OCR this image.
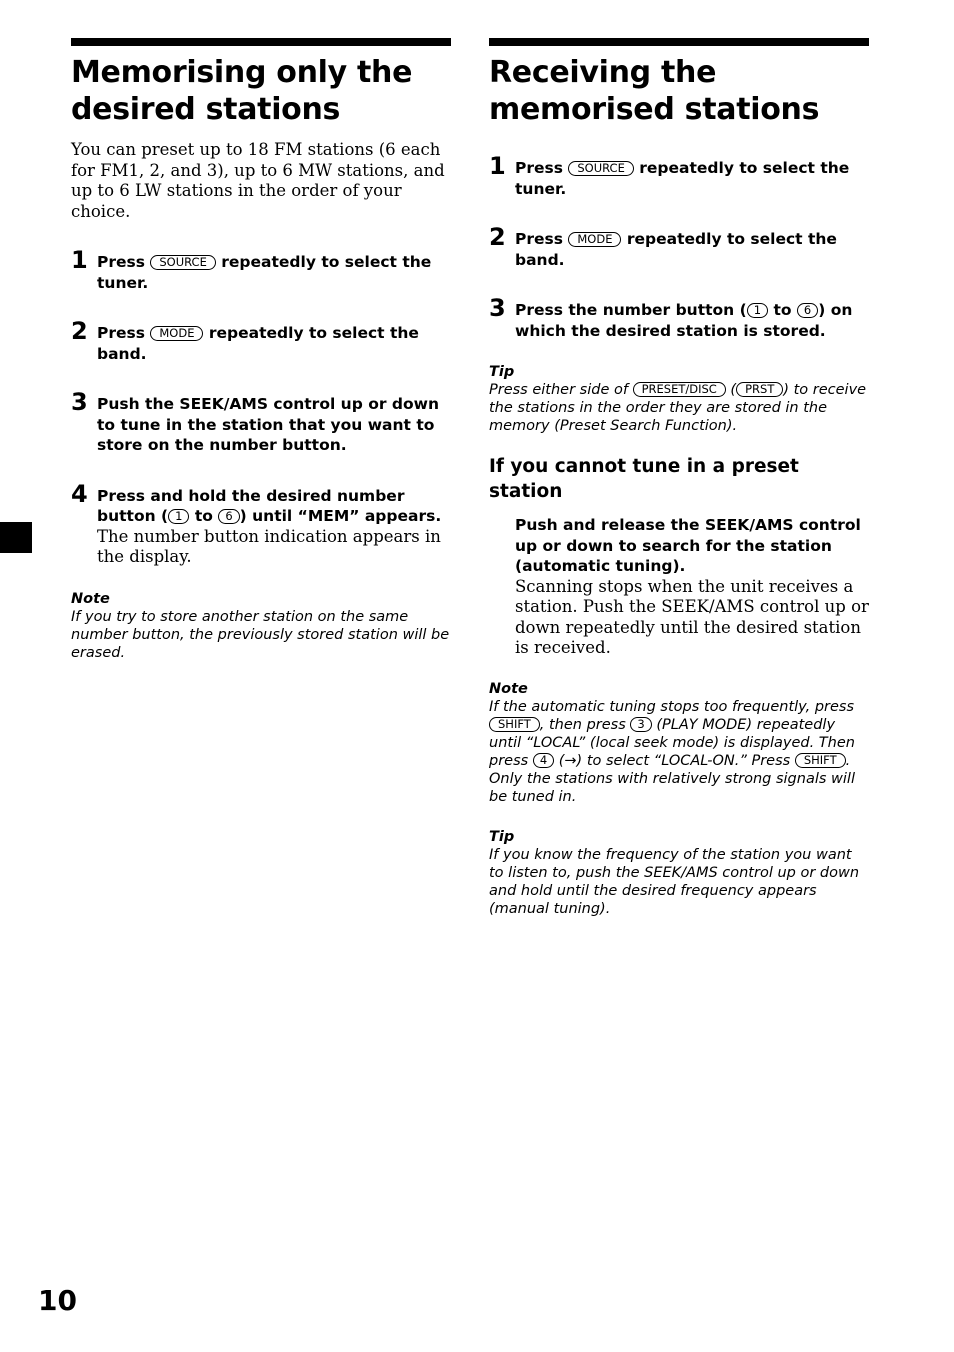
Memorising only the desired stations

You can preset up to 18 FM stations (6 each for FM1, 2, and 3), up to 6 MW stations, and up to 6 LW stations in the order of your choice.

1 Press SOURCE repeatedly to select the tuner.
2 Press MODE repeatedly to select the band.
3 Push the SEEK/AMS control up or down to tune in the station that you want to store on the number button.
4 Press and hold the desired number button ( 1 to 6 ) until “MEM” appears.
The number button indication appears in the display.
Note
If you try to store another station on the same number button, the previously stored station will be erased.
Receiving the memorised stations
1 Press SOURCE repeatedly to select the tuner.
2 Press MODE repeatedly to select the band.
3 Press the number button ( 1 to 6 ) on which the desired station is stored.
Tip
Press either side of PRESET/DISC ( PRST ) to receive the stations in the order they are stored in the memory (Preset Search Function).
If you cannot tune in a preset station
Push and release the SEEK/AMS control up or down to search for the station (automatic tuning).
Scanning stops when the unit receives a station. Push the SEEK/AMS control up or down repeatedly until the desired station is received.
Note
If the automatic tuning stops too frequently, press SHIFT , then press 3 (PLAY MODE) repeatedly until “LOCAL” (local seek mode) is displayed. Then press 4 (→) to select “LOCAL-ON.” Press SHIFT . Only the stations with relatively strong signals will be tuned in.
Tip
If you know the frequency of the station you want to listen to, push the SEEK/AMS control up or down and hold until the desired frequency appears (manual tuning).
10
